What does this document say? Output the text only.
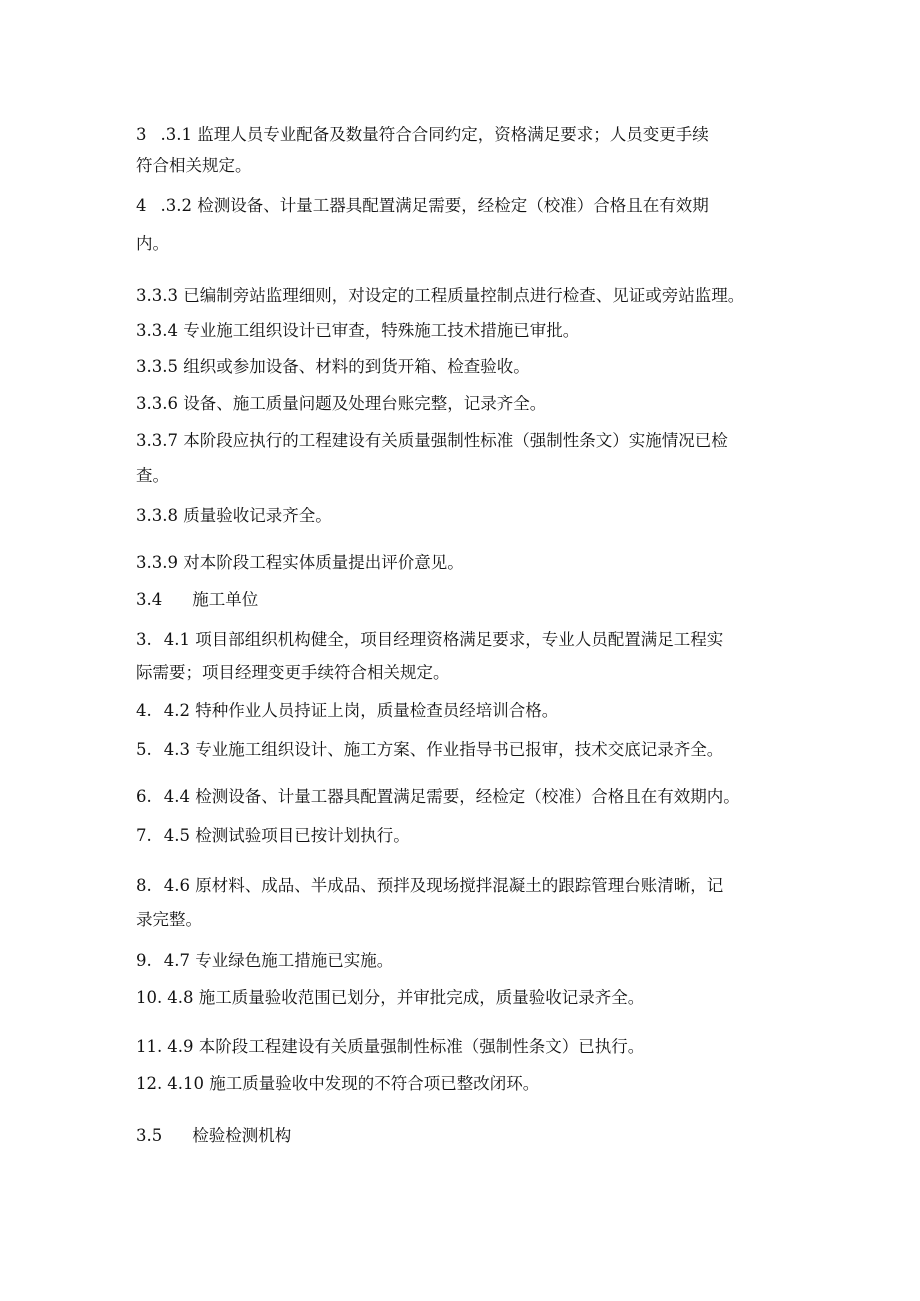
3 .3.1 监理人员专业配备及数量符合合同约定，资格满足要求；人员变更手续
符合相关规定。
4 .3.2 检测设备、计量工器具配置满足需要，经检定（校准）合格且在有效期
内。
3.3.3 已编制旁站监理细则，对设定的工程质量控制点进行检查、见证或旁站监理。
3.3.4 专业施工组织设计已审查，特殊施工技术措施已审批。
3.3.5 组织或参加设备、材料的到货开箱、检查验收。
3.3.6 设备、施工质量问题及处理台账完整，记录齐全。
3.3.7 本阶段应执行的工程建设有关质量强制性标准（强制性条文）实施情况已检
查。
3.3.8 质量验收记录齐全。
3.3.9 对本阶段工程实体质量提出评价意见。
3.4 施工单位
3. 4.1 项目部组织机构健全，项目经理资格满足要求，专业人员配置满足工程实
际需要；项目经理变更手续符合相关规定。
4. 4.2 特种作业人员持证上岗，质量检查员经培训合格。
5. 4.3 专业施工组织设计、施工方案、作业指导书已报审，技术交底记录齐全。
6. 4.4 检测设备、计量工器具配置满足需要，经检定（校准）合格且在有效期内。
7. 4.5 检测试验项目已按计划执行。
8. 4.6 原材料、成品、半成品、预拌及现场搅拌混凝土的跟踪管理台账清晰，记
录完整。
9. 4.7 专业绿色施工措施已实施。
10. 4.8 施工质量验收范围已划分，并审批完成，质量验收记录齐全。
11. 4.9 本阶段工程建设有关质量强制性标准（强制性条文）已执行。
12. 4.10 施工质量验收中发现的不符合项已整改闭环。
3.5 检验检测机构
